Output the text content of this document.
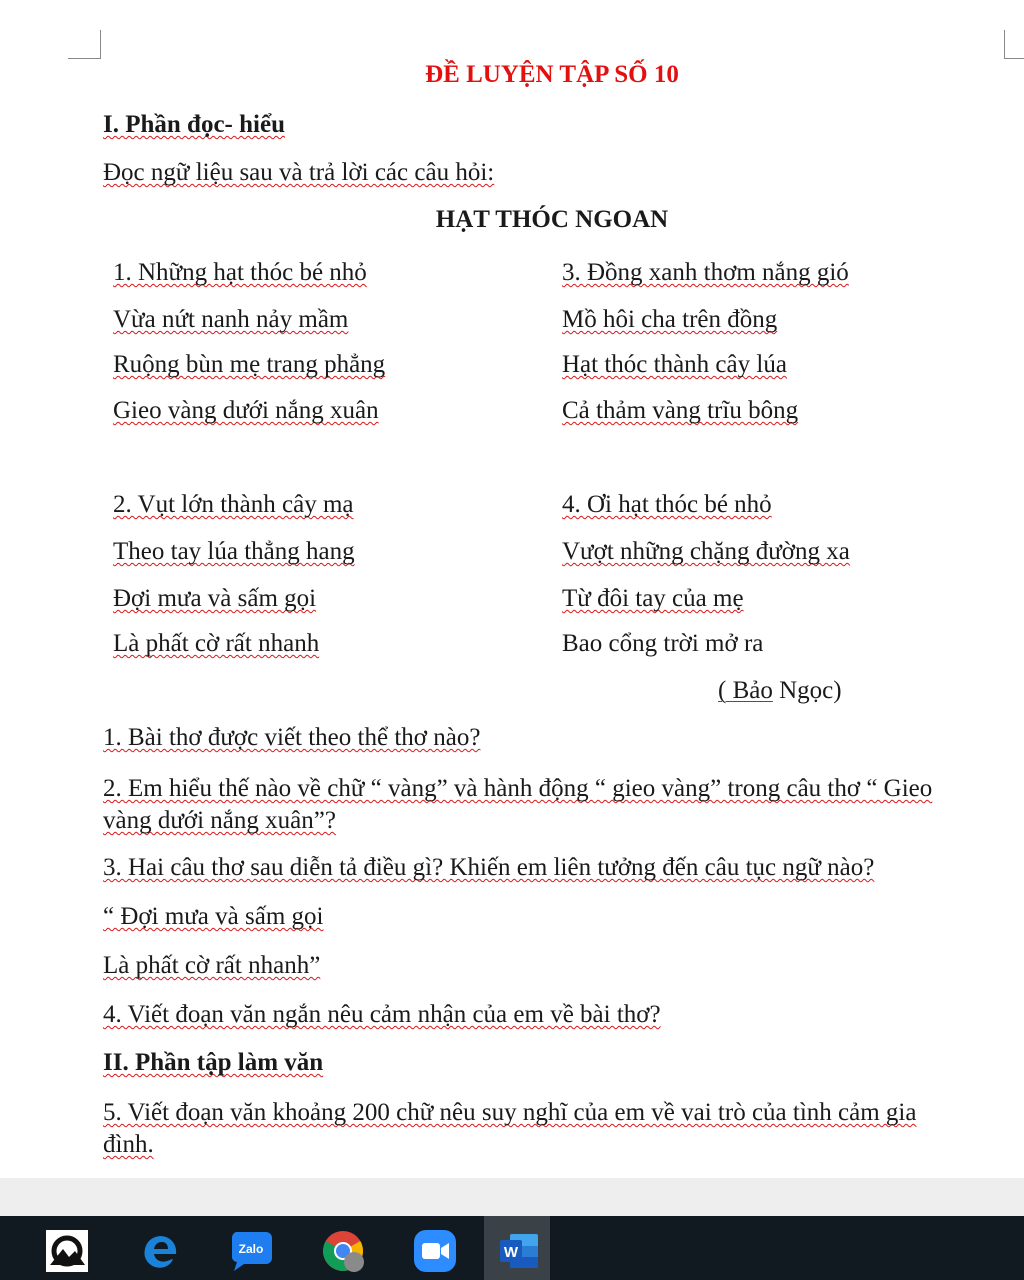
ĐỀ LUYỆN TẬP SỐ 10
I. Phần đọc- hiểu
Đọc ngữ liệu sau và trả lời các câu hỏi:
HẠT THÓC NGOAN
1. Những hạt thóc bé nhỏ
Vừa nứt nanh nảy mầm
Ruộng bùn mẹ trang phẳng
Gieo vàng dưới nắng xuân
3. Đồng xanh thơm nắng gió
Mồ hôi cha trên đồng
Hạt thóc thành cây lúa
Cả thảm vàng trĩu bông
2. Vụt lớn thành cây mạ
Theo tay lúa thẳng hang
Đợi mưa và sấm gọi
Là phất cờ rất nhanh
4. Ơi hạt thóc bé nhỏ
Vượt những chặng đường xa
Từ đôi tay của mẹ
Bao cổng trời mở ra
( Bảo Ngọc)
1. Bài thơ được viết theo thể thơ nào?
2. Em hiểu thế nào về chữ “ vàng” và hành động “ gieo vàng” trong câu thơ “ Gieo
vàng dưới nắng xuân”?
3. Hai câu thơ sau diễn tả điều gì? Khiến em liên tưởng đến câu tục ngữ nào?
“ Đợi mưa và sấm gọi
Là phất cờ rất nhanh”
4. Viết đoạn văn ngắn nêu cảm nhận của em về bài thơ?
II. Phần tập làm văn
5. Viết đoạn văn khoảng 200 chữ nêu suy nghĩ của em về vai trò của tình cảm gia
đình.
Zalo	W
